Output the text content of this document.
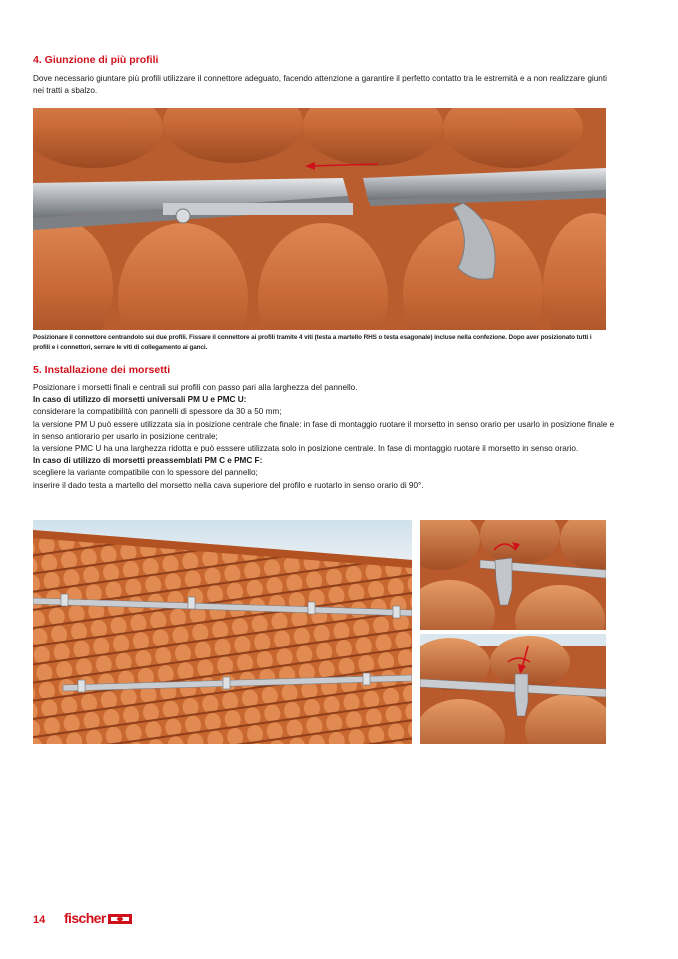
4. Giunzione di più profili

Dove necessario giuntare più profili utilizzare il connettore adeguato, facendo attenzione a garantire il perfetto contatto tra le estremità e a non realizzare giunti nei tratti a sbalzo.

Posizionare il connettore centrandolo sui due profili. Fissare il connettore ai profili tramite 4 viti (testa a martello RHS o testa esagonale) incluse nella confezione. Dopo aver posizionato tutti i profili e i connettori, serrare le viti di collegamento ai ganci.
5. Installazione dei morsetti

Posizionare i morsetti finali e centrali sui profili con passo pari alla larghezza del pannello.

In caso di utilizzo di morsetti universali PM U e PMC U:

considerare la compatibilità con pannelli di spessore da 30 a 50 mm;

la versione PM U può essere utilizzata sia in posizione centrale che finale: in fase di montaggio ruotare il morsetto in senso orario per usarlo in posizione finale e in senso antiorario per usarlo in posizione centrale;

la versione PMC U ha una larghezza ridotta e può esssere utilizzata solo in posizione centrale. In fase di montaggio ruotare il morsetto in senso orario.

In caso di utilizzo di morsetti preassemblati PM C e PMC F:

scegliere la variante compatibile con lo spessore del pannello;

inserire il dado testa a martello del morsetto nella cava superiore del profilo e ruotarlo in senso orario di 90°.

14 fischer
